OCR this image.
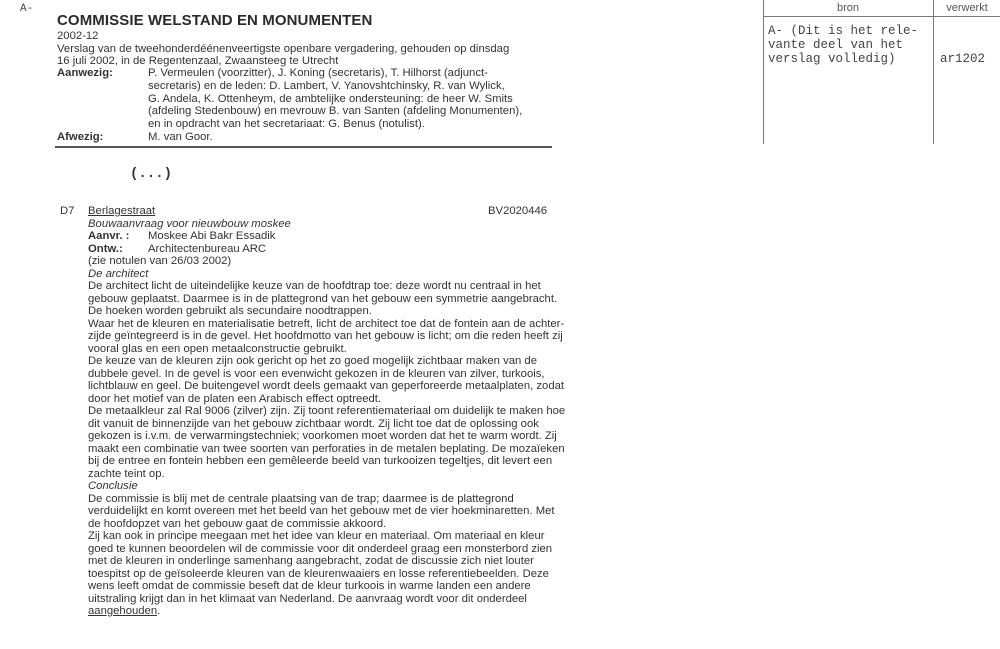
A-
COMMISSIE WELSTAND EN MONUMENTEN
2002-12
Verslag van de tweehonderdéénenveertigste openbare vergadering, gehouden op dinsdag
16 juli 2002, in de Regentenzaal, Zwaansteeg te Utrecht
Aanwezig:	P. Vermeulen (voorzitter), J. Koning (secretaris), T. Hilhorst (adjunct-
secretaris) en de leden: D. Lambert, V. Yanovshtchinsky, R. van Wylick,
G. Andela, K. Ottenheym, de ambtelijke ondersteuning: de heer W. Smits
(afdeling Stedenbouw) en mevrouw B. van Santen (afdeling Monumenten),
en in opdracht van het secretariaat: G. Benus (notulist).
Afwezig:	M. van Goor.
(...)
D7 Berlagestraat	BV2020446
Bouwaanvraag voor nieuwbouw moskee
Aanvr. : Moskee Abi Bakr Essadik
Ontw.: Architectenbureau ARC
(zie notulen van 26/03 2002)
De architect
De architect licht de uiteindelijke keuze van de hoofdtrap toe: deze wordt nu centraal in het
gebouw geplaatst. Daarmee is in de plattegrond van het gebouw een symmetrie aangebracht.
De hoeken worden gebruikt als secundaire noodtrappen.
Waar het de kleuren en materialisatie betreft, licht de architect toe dat de fontein aan de achter-
zijde geïntegreerd is in de gevel. Het hoofdmotto van het gebouw is licht; om die reden heeft zij
vooral glas en een open metaalconstructie gebruikt.
De keuze van de kleuren zijn ook gericht op het zo goed mogelijk zichtbaar maken van de
dubbele gevel. In de gevel is voor een evenwicht gekozen in de kleuren van zilver, turkoois,
lichtblauw en geel. De buitengevel wordt deels gemaakt van geperforeerde metaalplaten, zodat
door het motief van de platen een Arabisch effect optreedt.
De metaalkleur zal Ral 9006 (zilver) zijn. Zij toont referentiemateriaal om duidelijk te maken hoe
dit vanuit de binnenzijde van het gebouw zichtbaar wordt. Zij licht toe dat de oplossing ook
gekozen is i.v.m. de verwarmingstechniek; voorkomen moet worden dat het te warm wordt. Zij
maakt een combinatie van twee soorten van perforaties in de metalen beplating. De mozaïeken
bij de entree en fontein hebben een gemêleerde beeld van turkooizen tegeltjes, dit levert een
zachte teint op.
Conclusie
De commissie is blij met de centrale plaatsing van de trap; daarmee is de plattegrond
verduidelijkt en komt overeen met het beeld van het gebouw met de vier hoekminaretten. Met
de hoofdopzet van het gebouw gaat de commissie akkoord.
Zij kan ook in principe meegaan met het idee van kleur en materiaal. Om materiaal en kleur
goed te kunnen beoordelen wil de commissie voor dit onderdeel graag een monsterbord zien
met de kleuren in onderlinge samenhang aangebracht, zodat de discussie zich niet louter
toespitst op de geïsoleerde kleuren van de kleurenwaaiers en losse referentiebeelden. Deze
wens leeft omdat de commissie beseft dat de kleur turkoois in warme landen een andere
uitstraling krijgt dan in het klimaat van Nederland. De aanvraag wordt voor dit onderdeel
aangehouden.
bron	verwerkt
A- (Dit is het rele-
vante deel van het
verslag volledig)	ar1202
